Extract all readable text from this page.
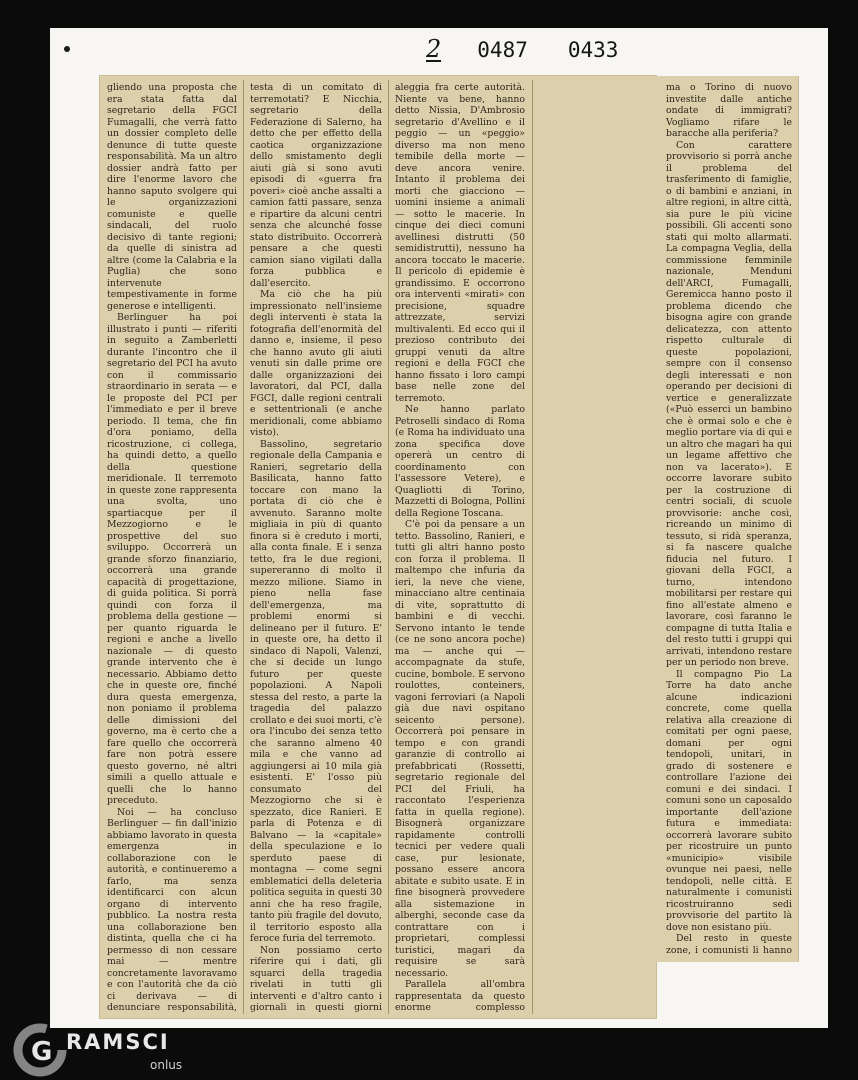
2 0487 0433

gliendo una proposta che era stata fatta dal segretario della FGCI Fumagalli, che verrà fatto un dossier completo delle denunce di tutte queste responsabilità. Ma un altro dossier andrà fatto per dire l'enorme lavoro che hanno saputo svolgere qui le organizzazioni comuniste e quelle sindacali, del ruolo decisivo di tante regioni; da quelle di sinistra ad altre (come la Calabria e la Puglia) che sono intervenute tempestivamente in forme generose e intelligenti.

Berlinguer ha poi illustrato i punti — riferiti in seguito a Zamberletti durante l'incontro che il segretario del PCI ha avuto con il commissario straordinario in serata — e le proposte del PCI per l'immediato e per il breve periodo. Il tema, che fin d'ora poniamo, della ricostruzione, ci collega, ha quindi detto, a quello della questione meridionale. Il terremoto in queste zone rappresenta una svolta, uno spartiacque per il Mezzogiorno e le prospettive del suo sviluppo. Occorrerà un grande sforzo finanziario, occorrerà una grande capacità di progettazione, di guida politica. Si porrà quindi con forza il problema della gestione — per quanto riguarda le regioni e anche a livello nazionale — di questo grande intervento che è necessario. Abbiamo detto che in queste ore, finché dura questa emergenza, non poniamo il problema delle dimissioni del governo, ma è certo che a fare quello che occorrerà fare non potrà essere questo governo, né altri simili a quello attuale e quelli che lo hanno preceduto.

Noi — ha concluso Berlinguer — fin dall'inizio abbiamo lavorato in questa emergenza in collaborazione con le autorità, e continueremo a farlo, ma senza identificarci con alcun organo di intervento pubblico. La nostra resta una collaborazione ben distinta, quella che ci ha permesso di non cessare mai — mentre concretamente lavoravamo e con l'autorità che da ciò ci derivava — di denunciare responsabilità,

testa di un comitato di terremotati? E Nicchia, segretario della Federazione di Salerno, ha detto che per effetto della caotica organizzazione dello smistamento degli aiuti già si sono avuti episodi di «guerra fra poveri» cioè anche assalti a camion fatti passare, senza e ripartire da alcuni centri senza che alcunché fosse stato distribuito. Occorrerà pensare a che questi camion siano vigilati dalla forza pubblica e dall'esercito.

Ma ciò che ha più impressionato nell'insieme degli interventi è stata la fotografia dell'enormità del danno e, insieme, il peso che hanno avuto gli aiuti venuti sin dalle prime ore dalle organizzazioni dei lavoratori, dal PCI, dalla FGCI, dalle regioni centrali e settentrionali (e anche meridionali, come abbiamo visto).

Bassolino, segretario regionale della Campania e Ranieri, segretario della Basilicata, hanno fatto toccare con mano la portata di ciò che è avvenuto. Saranno molte migliaia in più di quanto finora si è creduto i morti, alla conta finale. E i senza tetto, fra le due regioni, supereranno di molto il mezzo milione. Siamo in pieno nella fase dell'emergenza, ma problemi enormi si delineano per il futuro. E' in queste ore, ha detto il sindaco di Napoli, Valenzi, che si decide un lungo futuro per queste popolazioni. A Napoli stessa del resto, a parte la tragedia del palazzo crollato e dei suoi morti, c'è ora l'incubo dei senza tetto che saranno almeno 40 mila e che vanno ad aggiungersi ai 10 mila già esistenti. E' l'osso più consumato del Mezzogiorno che si è spezzato, dice Ranieri. E parla di Potenza e di Balvano — la «capitale» della speculazione e lo sperduto paese di montagna — come segni emblematici della deleteria politica seguita in questi 30 anni che ha reso fragile, tanto più fragile del dovuto, il territorio esposto alla feroce furia del terremoto.

Non possiamo certo riferire qui i dati, gli squarci della tragedia rivelati in tutti gli interventi e d'altro canto i giornali in questi giorni

aleggia fra certe autorità. Niente va bene, hanno detto Nissia, D'Ambrosio segretario d'Avellino e il peggio — un «peggio» diverso ma non meno temibile della morte — deve ancora venire. Intanto il problema dei morti che giacciono — uomini insieme a animali — sotto le macerie. In cinque dei dieci comuni avellinesi distrutti (50 semidistrutti), nessuno ha ancora toccato le macerie. Il pericolo di epidemie è grandissimo. E occorrono ora interventi «mirati» con precisione, squadre attrezzate, servizi multivalenti. Ed ecco qui il prezioso contributo dei gruppi venuti da altre regioni e della FGCI che hanno fissato i loro campi base nelle zone del terremoto.

Ne hanno parlato Petroselli sindaco di Roma (e Roma ha individuato una zona specifica dove opererà un centro di coordinamento con l'assessore Vetere), e Quagliotti di Torino, Mazzetti di Bologna, Pollini della Regione Toscana.

C'è poi da pensare a un tetto. Bassolino, Ranieri, e tutti gli altri hanno posto con forza il problema. Il maltempo che infuria da ieri, la neve che viene, minacciano altre centinaia di vite, soprattutto di bambini e di vecchi. Servono intanto le tende (ce ne sono ancora poche) ma — anche qui — accompagnate da stufe, cucine, bombole. E servono roulottes, conteiners, vagoni ferroviari (a Napoli già due navi ospitano seicento persone). Occorrerà poi pensare in tempo e con grandi garanzie di controllo ai prefabbricati (Rossetti, segretario regionale del PCI del Friuli, ha raccontato l'esperienza fatta in quella regione). Bisognerà organizzare rapidamente controlli tecnici per vedere quali case, pur lesionate, possano essere ancora abitate e subito usate. E in fine bisognerà provvedere alla sistemazione in alberghi, seconde case da contrattare con i proprietari, complessi turistici, magari da requisire se sarà necessario.

Parallela all'ombra rappresentata da questo enorme complesso

ma o Torino di nuovo investite dalle antiche ondate di immigrati? Vogliamo rifare le baracche alla periferia?

Con carattere provvisorio si porrà anche il problema del trasferimento di famiglie, o di bambini e anziani, in altre regioni, in altre città, sia pure le più vicine possibili. Gli accenti sono stati qui molto allarmati. La compagna Veglia, della commissione femminile nazionale, Menduni dell'ARCI, Fumagalli, Geremicca hanno posto il problema dicendo che bisogna agire con grande delicatezza, con attento rispetto culturale di queste popolazioni, sempre con il consenso degli interessati e non operando per decisioni di vertice e generalizzate («Può esserci un bambino che è ormai solo e che è meglio portare via di qui e un altro che magari ha qui un legame affettivo che non va lacerato»). E occorre lavorare subito per la costruzione di centri sociali, di scuole provvisorie: anche così, ricreando un minimo di tessuto, si ridà speranza, si fa nascere qualche fiducia nel futuro. I giovani della FGCI, a turno, intendono mobilitarsi per restare qui fino all'estate almeno e lavorare, così faranno le compagne di tutta Italia e del resto tutti i gruppi qui arrivati, intendono restare per un periodo non breve.

Il compagno Pio La Torre ha dato anche alcune indicazioni concrete, come quella relativa alla creazione di comitati per ogni paese, domani per ogni tendopoli, unitari, in grado di sostenere e controllare l'azione dei comuni e dei sindaci. I comuni sono un caposaldo importante dell'azione futura e immediata: occorrerà lavorare subito per ricostruire un punto «municipio» visibile ovunque nei paesi, nelle tendopoli, nelle città. E naturalmente i comunisti ricostruiranno sedi provvisorie del partito là dove non esistano più.

Del resto in queste zone, i comunisti li hanno

G RAMSCI
onlus
